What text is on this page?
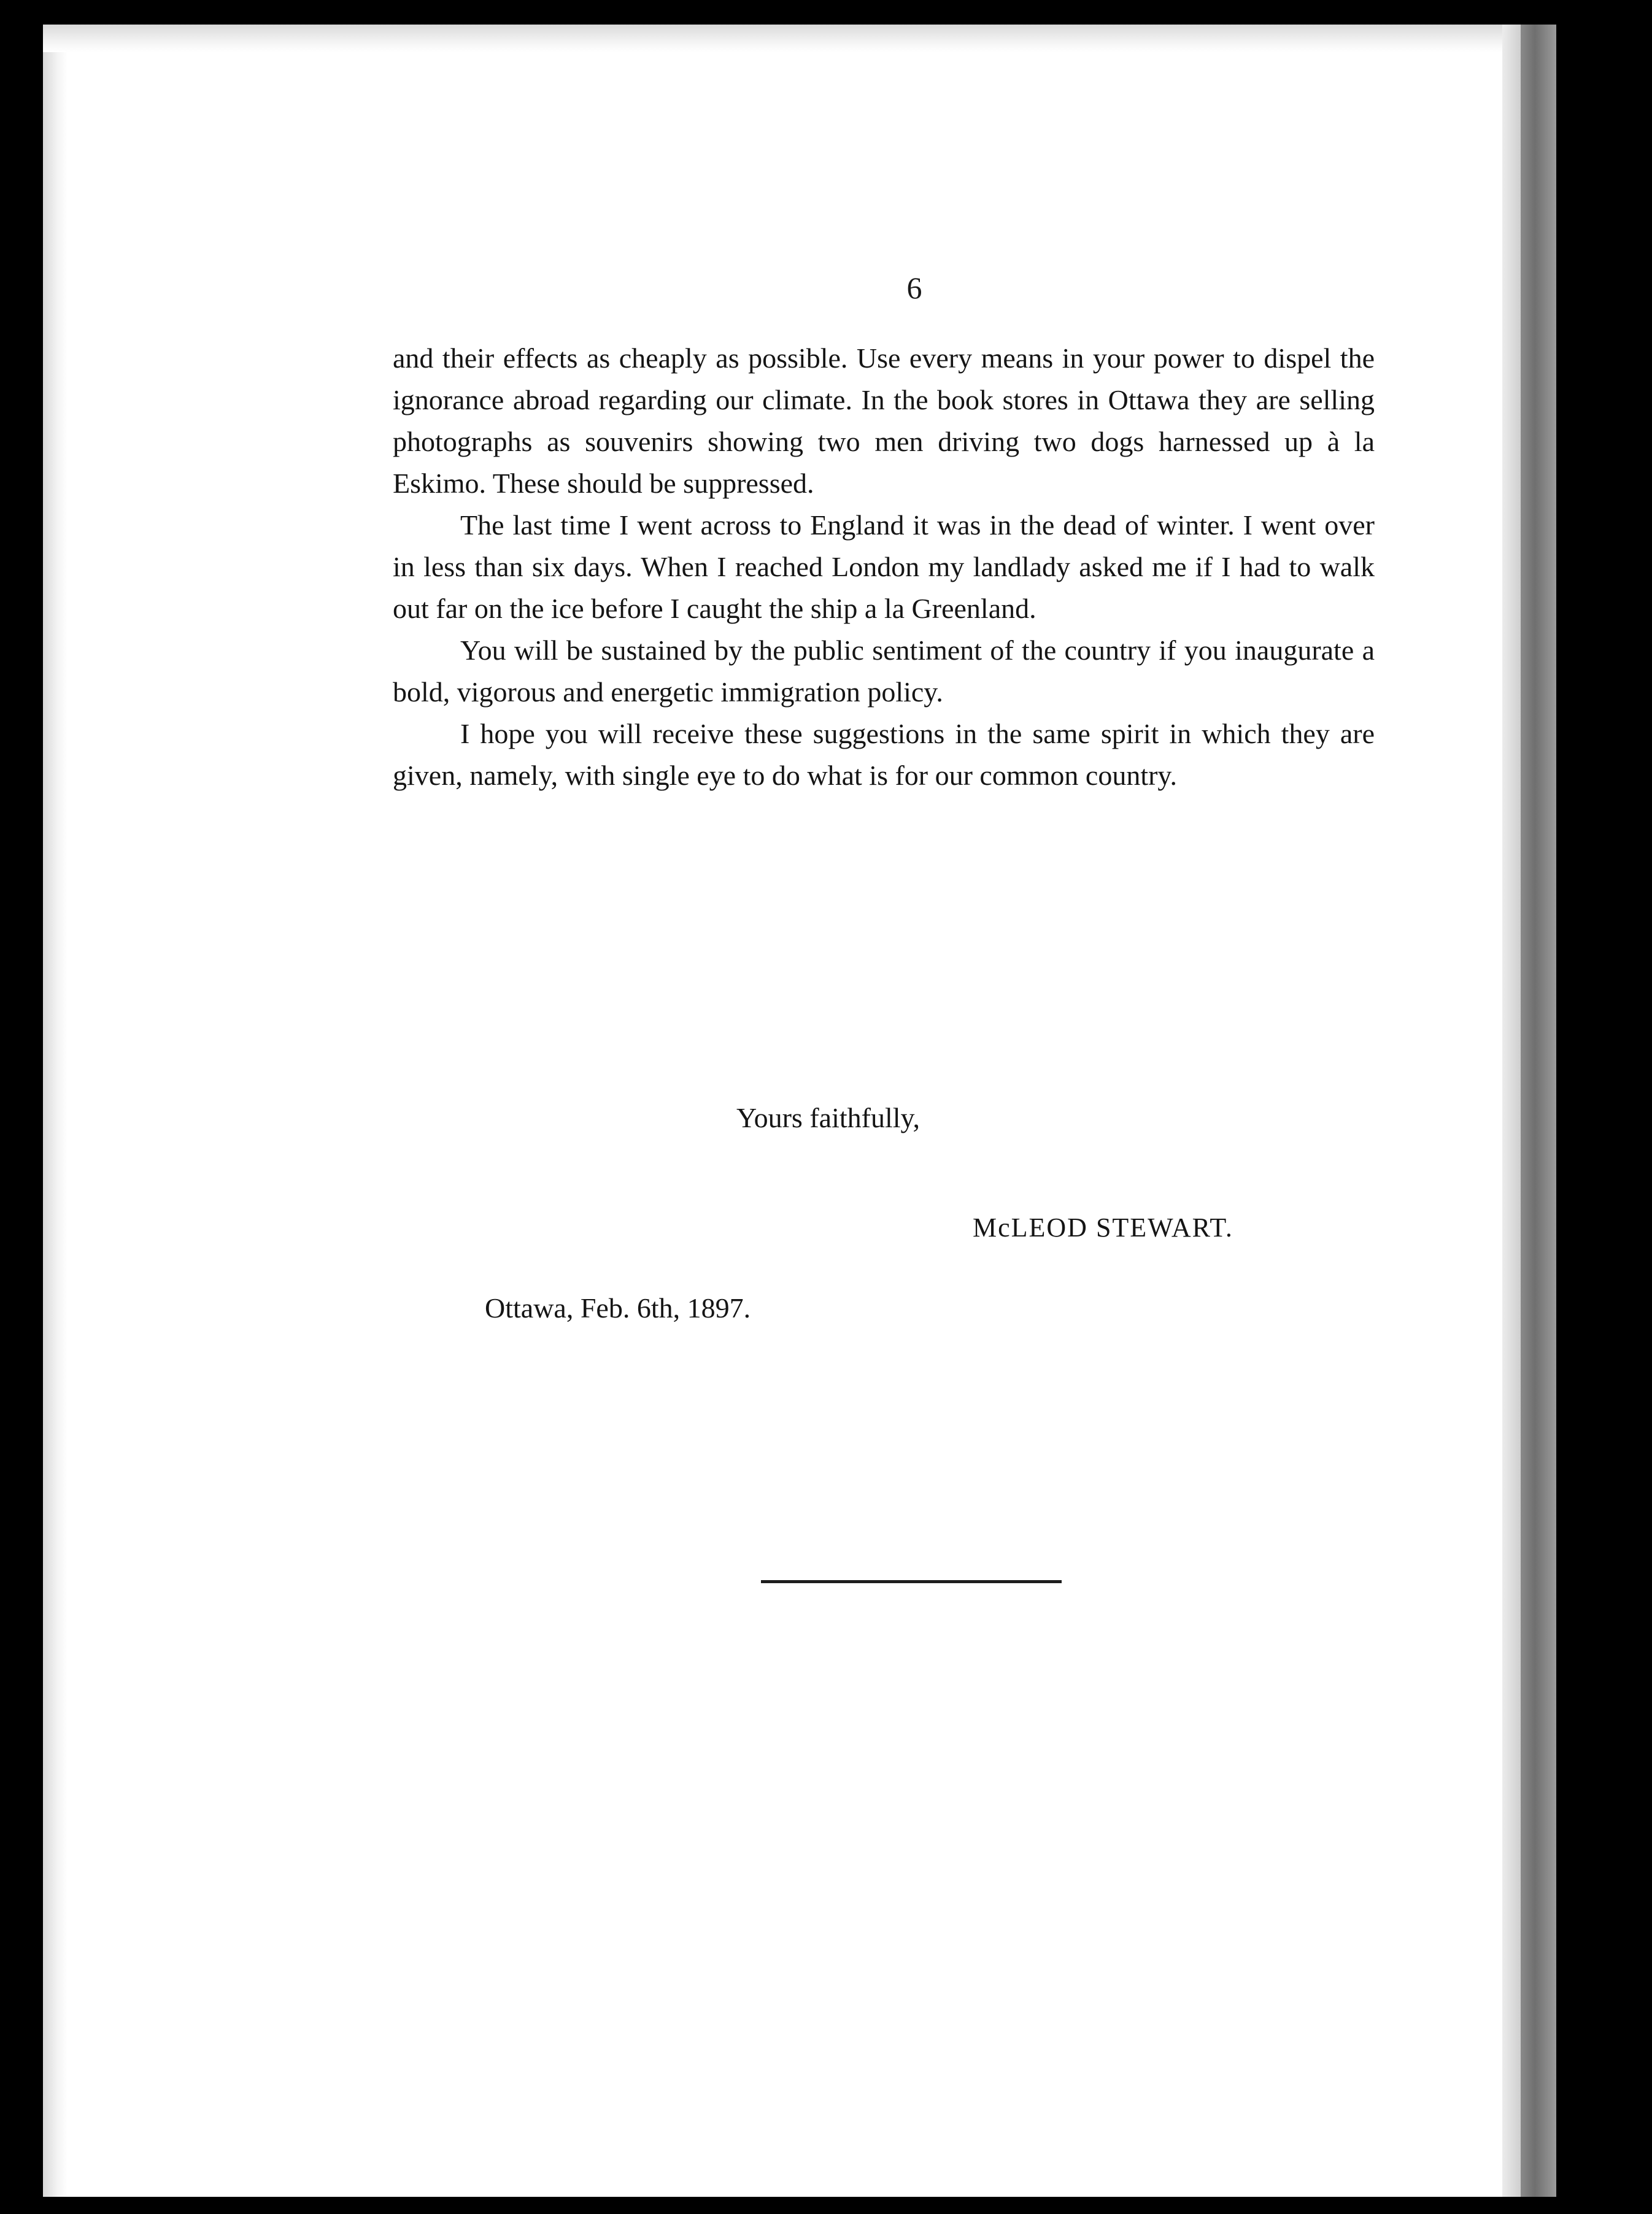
6

and their effects as cheaply as possible. Use every means in your power to dispel the ignorance abroad regarding our climate. In the book stores in Ottawa they are selling photographs as souvenirs showing two men driving two dogs harnessed up à la Eskimo. These should be suppressed.

The last time I went across to England it was in the dead of winter. I went over in less than six days. When I reached London my landlady asked me if I had to walk out far on the ice before I caught the ship a la Greenland.

You will be sustained by the public sentiment of the country if you inaugurate a bold, vigorous and energetic immigration policy.

I hope you will receive these suggestions in the same spirit in which they are given, namely, with single eye to do what is for our common country.

Yours faithfully,
McLEOD STEWART.
Ottawa, Feb. 6th, 1897.
